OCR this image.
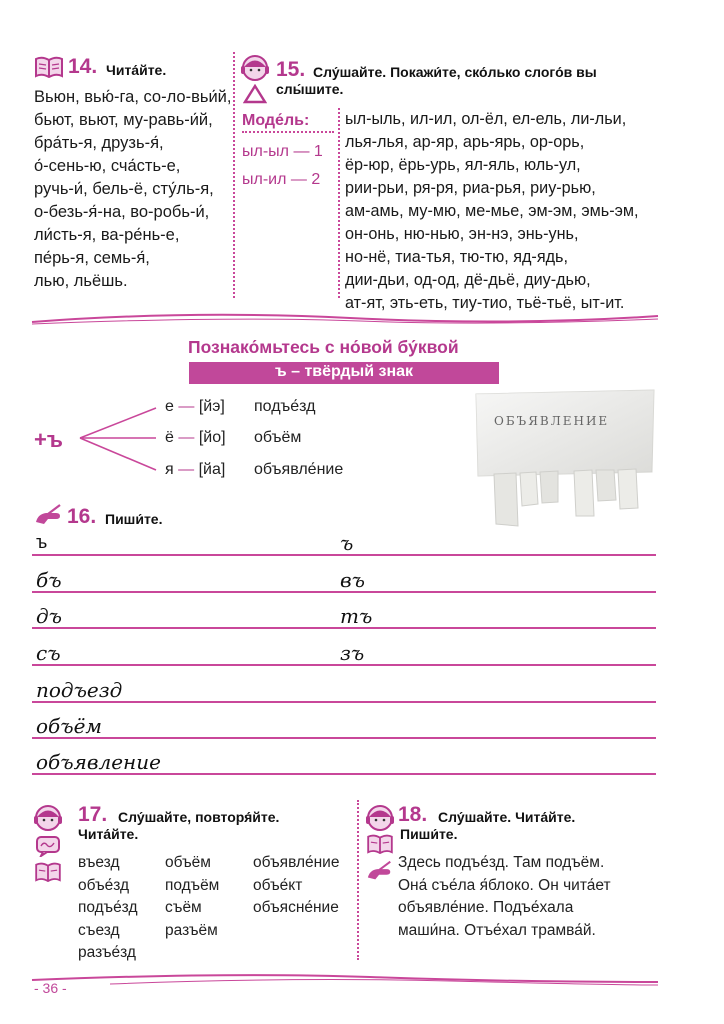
14. Чита́йте.
Вьюн, вью́-га, со-ло-вьи́й,
бьют, вьют, му-равь-и́й,
бра́ть-я, друзь-я́,
о́-сень-ю, сча́сть-е,
ручь-и́, бель-ё, сту́ль-я,
о-безь-я́-на, во-робь-и́,
ли́сть-я, ва-ре́нь-е,
пе́рь-я, семь-я́,
лью, льёшь.
15. Слу́шайте. Покажи́те, ско́лько слого́в вы
слы́шите.
Моде́ль:
ыл-ыл — 1
ыл-ил — 2
ыл-ыль, ил-ил, ол-ёл, ел-ель, ли-льи,
лья-лья, ар-яр, арь-ярь, ор-орь,
ёр-юр, ёрь-урь, ял-яль, юль-ул,
рии-рьи, ря-ря, риа-рья, риу-рью,
ам-амь, му-мю, ме-мье, эм-эм, эмь-эм,
он-онь, ню-нью, эн-нэ, энь-унь,
но-нё, тиа-тья, тю-тю, яд-ядь,
дии-дьи, од-од, дё-дьё, диу-дью,
ат-ят, эть-еть, тиу-тио, тьё-тьё, ыт-ит.
Познако́мьтесь с но́вой бу́квой
ъ – твёрдый знак
+ъ
е — [йэ] подъе́зд
ё — [йо] объём
я — [йа] объявле́ние
ОБЪЯВЛЕНИЕ
16. Пиши́те.
ъ
бъ
дъ
съ
подъезд
объём
объявление
ъ
въ
тъ
зъ
17. Слу́шайте, повторя́йте.
Чита́йте.
въезд
объе́зд
подъе́зд
съезд
разъе́зд
объём
подъём
съём
разъём
объявле́ние
объе́кт
объясне́ние
18. Слу́шайте. Чита́йте.
Пиши́те.
Здесь подъе́зд. Там подъём.
Она́ съе́ла я́блоко. Он чита́ет
объявле́ние. Подъе́хала
маши́на. Отъе́хал трамва́й.
- 36 -
